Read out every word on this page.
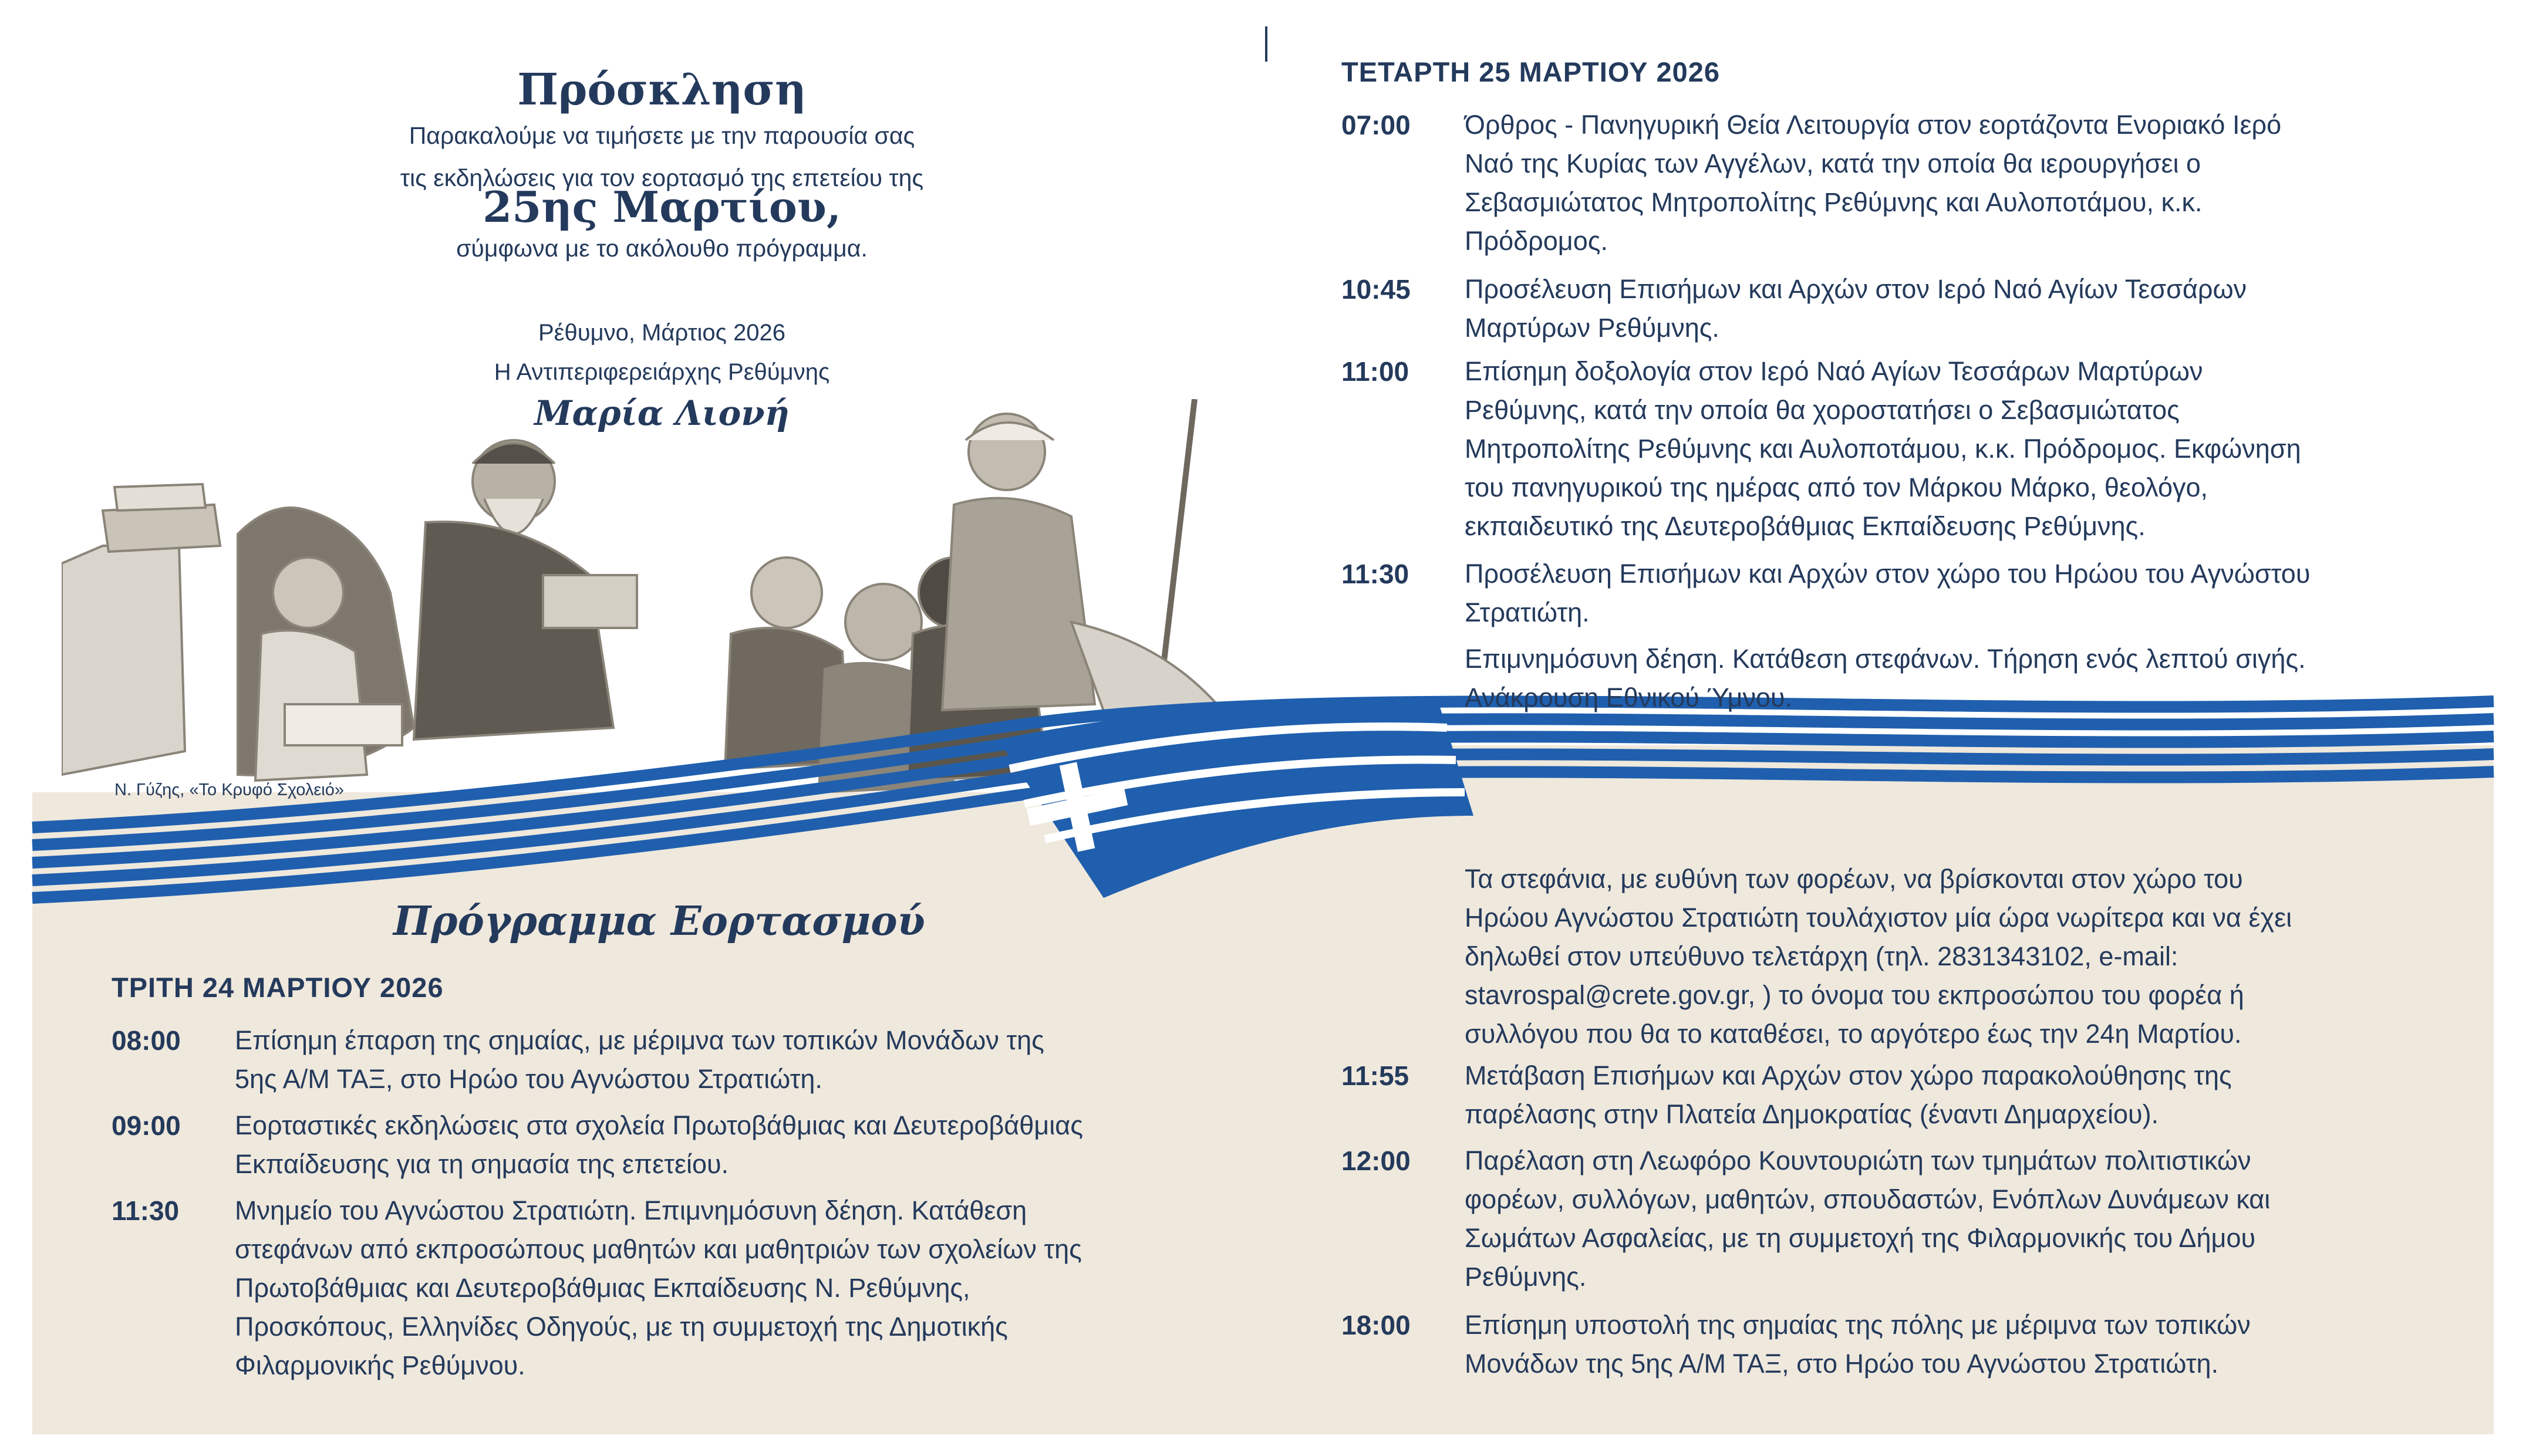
Πρόσκληση
Παρακαλούμε να τιμήσετε με την παρουσία σας
τις εκδηλώσεις για τον εορτασμό της επετείου της
25ης Μαρτίου,
σύμφωνα με το ακόλουθο πρόγραμμα.
Ρέθυμνο, Μάρτιος 2026
Η Αντιπεριφερειάρχης Ρεθύμνης
Μαρία Λιονή
Ν. Γύζης, «Το Κρυφό Σχολειό»
Πρόγραμμα Εορτασμού
ΤΡΙΤΗ 24 ΜΑΡΤΙΟΥ 2026
08:00	Επίσημη έπαρση της σημαίας, με μέριμνα των τοπικών Μονάδων της
5ης Α/Μ ΤΑΞ, στο Ηρώο του Αγνώστου Στρατιώτη.
09:00	Εορταστικές εκδηλώσεις στα σχολεία Πρωτοβάθμιας και Δευτεροβάθμιας
Εκπαίδευσης για τη σημασία της επετείου.
11:30	Μνημείο του Αγνώστου Στρατιώτη. Επιμνημόσυνη δέηση. Κατάθεση
στεφάνων από εκπροσώπους μαθητών και μαθητριών των σχολείων της
Πρωτοβάθμιας και Δευτεροβάθμιας Εκπαίδευσης Ν. Ρεθύμνης,
Προσκόπους, Ελληνίδες Οδηγούς, με τη συμμετοχή της Δημοτικής
Φιλαρμονικής Ρεθύμνου.
ΤΕΤΑΡΤΗ 25 ΜΑΡΤΙΟΥ 2026
07:00	Όρθρος - Πανηγυρική Θεία Λειτουργία στον εορτάζοντα Ενοριακό Ιερό
Ναό της Κυρίας των Αγγέλων, κατά την οποία θα ιερουργήσει ο
Σεβασμιώτατος Μητροπολίτης Ρεθύμνης και Αυλοποτάμου, κ.κ.
Πρόδρομος.
10:45	Προσέλευση Επισήμων και Αρχών στον Ιερό Ναό Αγίων Τεσσάρων
Μαρτύρων Ρεθύμνης.
11:00	Επίσημη δοξολογία στον Ιερό Ναό Αγίων Τεσσάρων Μαρτύρων
Ρεθύμνης, κατά την οποία θα χοροστατήσει ο Σεβασμιώτατος
Μητροπολίτης Ρεθύμνης και Αυλοποτάμου, κ.κ. Πρόδρομος. Εκφώνηση
του πανηγυρικού της ημέρας από τον Μάρκου Μάρκο, θεολόγο,
εκπαιδευτικό της Δευτεροβάθμιας Εκπαίδευσης Ρεθύμνης.
11:30	Προσέλευση Επισήμων και Αρχών στον χώρο του Ηρώου του Αγνώστου
Στρατιώτη.
Επιμνημόσυνη δέηση. Κατάθεση στεφάνων. Τήρηση ενός λεπτού σιγής.
Ανάκρουση Εθνικού Ύμνου.
Τα στεφάνια, με ευθύνη των φορέων, να βρίσκονται στον χώρο του
Ηρώου Αγνώστου Στρατιώτη τουλάχιστον μία ώρα νωρίτερα και να έχει
δηλωθεί στον υπεύθυνο τελετάρχη (τηλ. 2831343102, e-mail:
stavrospal@crete.gov.gr, ) το όνομα του εκπροσώπου του φορέα ή
συλλόγου που θα το καταθέσει, το αργότερο έως την 24η Μαρτίου.
11:55	Μετάβαση Επισήμων και Αρχών στον χώρο παρακολούθησης της
παρέλασης στην Πλατεία Δημοκρατίας (έναντι Δημαρχείου).
12:00	Παρέλαση στη Λεωφόρο Κουντουριώτη των τμημάτων πολιτιστικών
φορέων, συλλόγων, μαθητών, σπουδαστών, Ενόπλων Δυνάμεων και
Σωμάτων Ασφαλείας, με τη συμμετοχή της Φιλαρμονικής του Δήμου
Ρεθύμνης.
18:00	Επίσημη υποστολή της σημαίας της πόλης με μέριμνα των τοπικών
Μονάδων της 5ης Α/Μ ΤΑΞ, στο Ηρώο του Αγνώστου Στρατιώτη.
